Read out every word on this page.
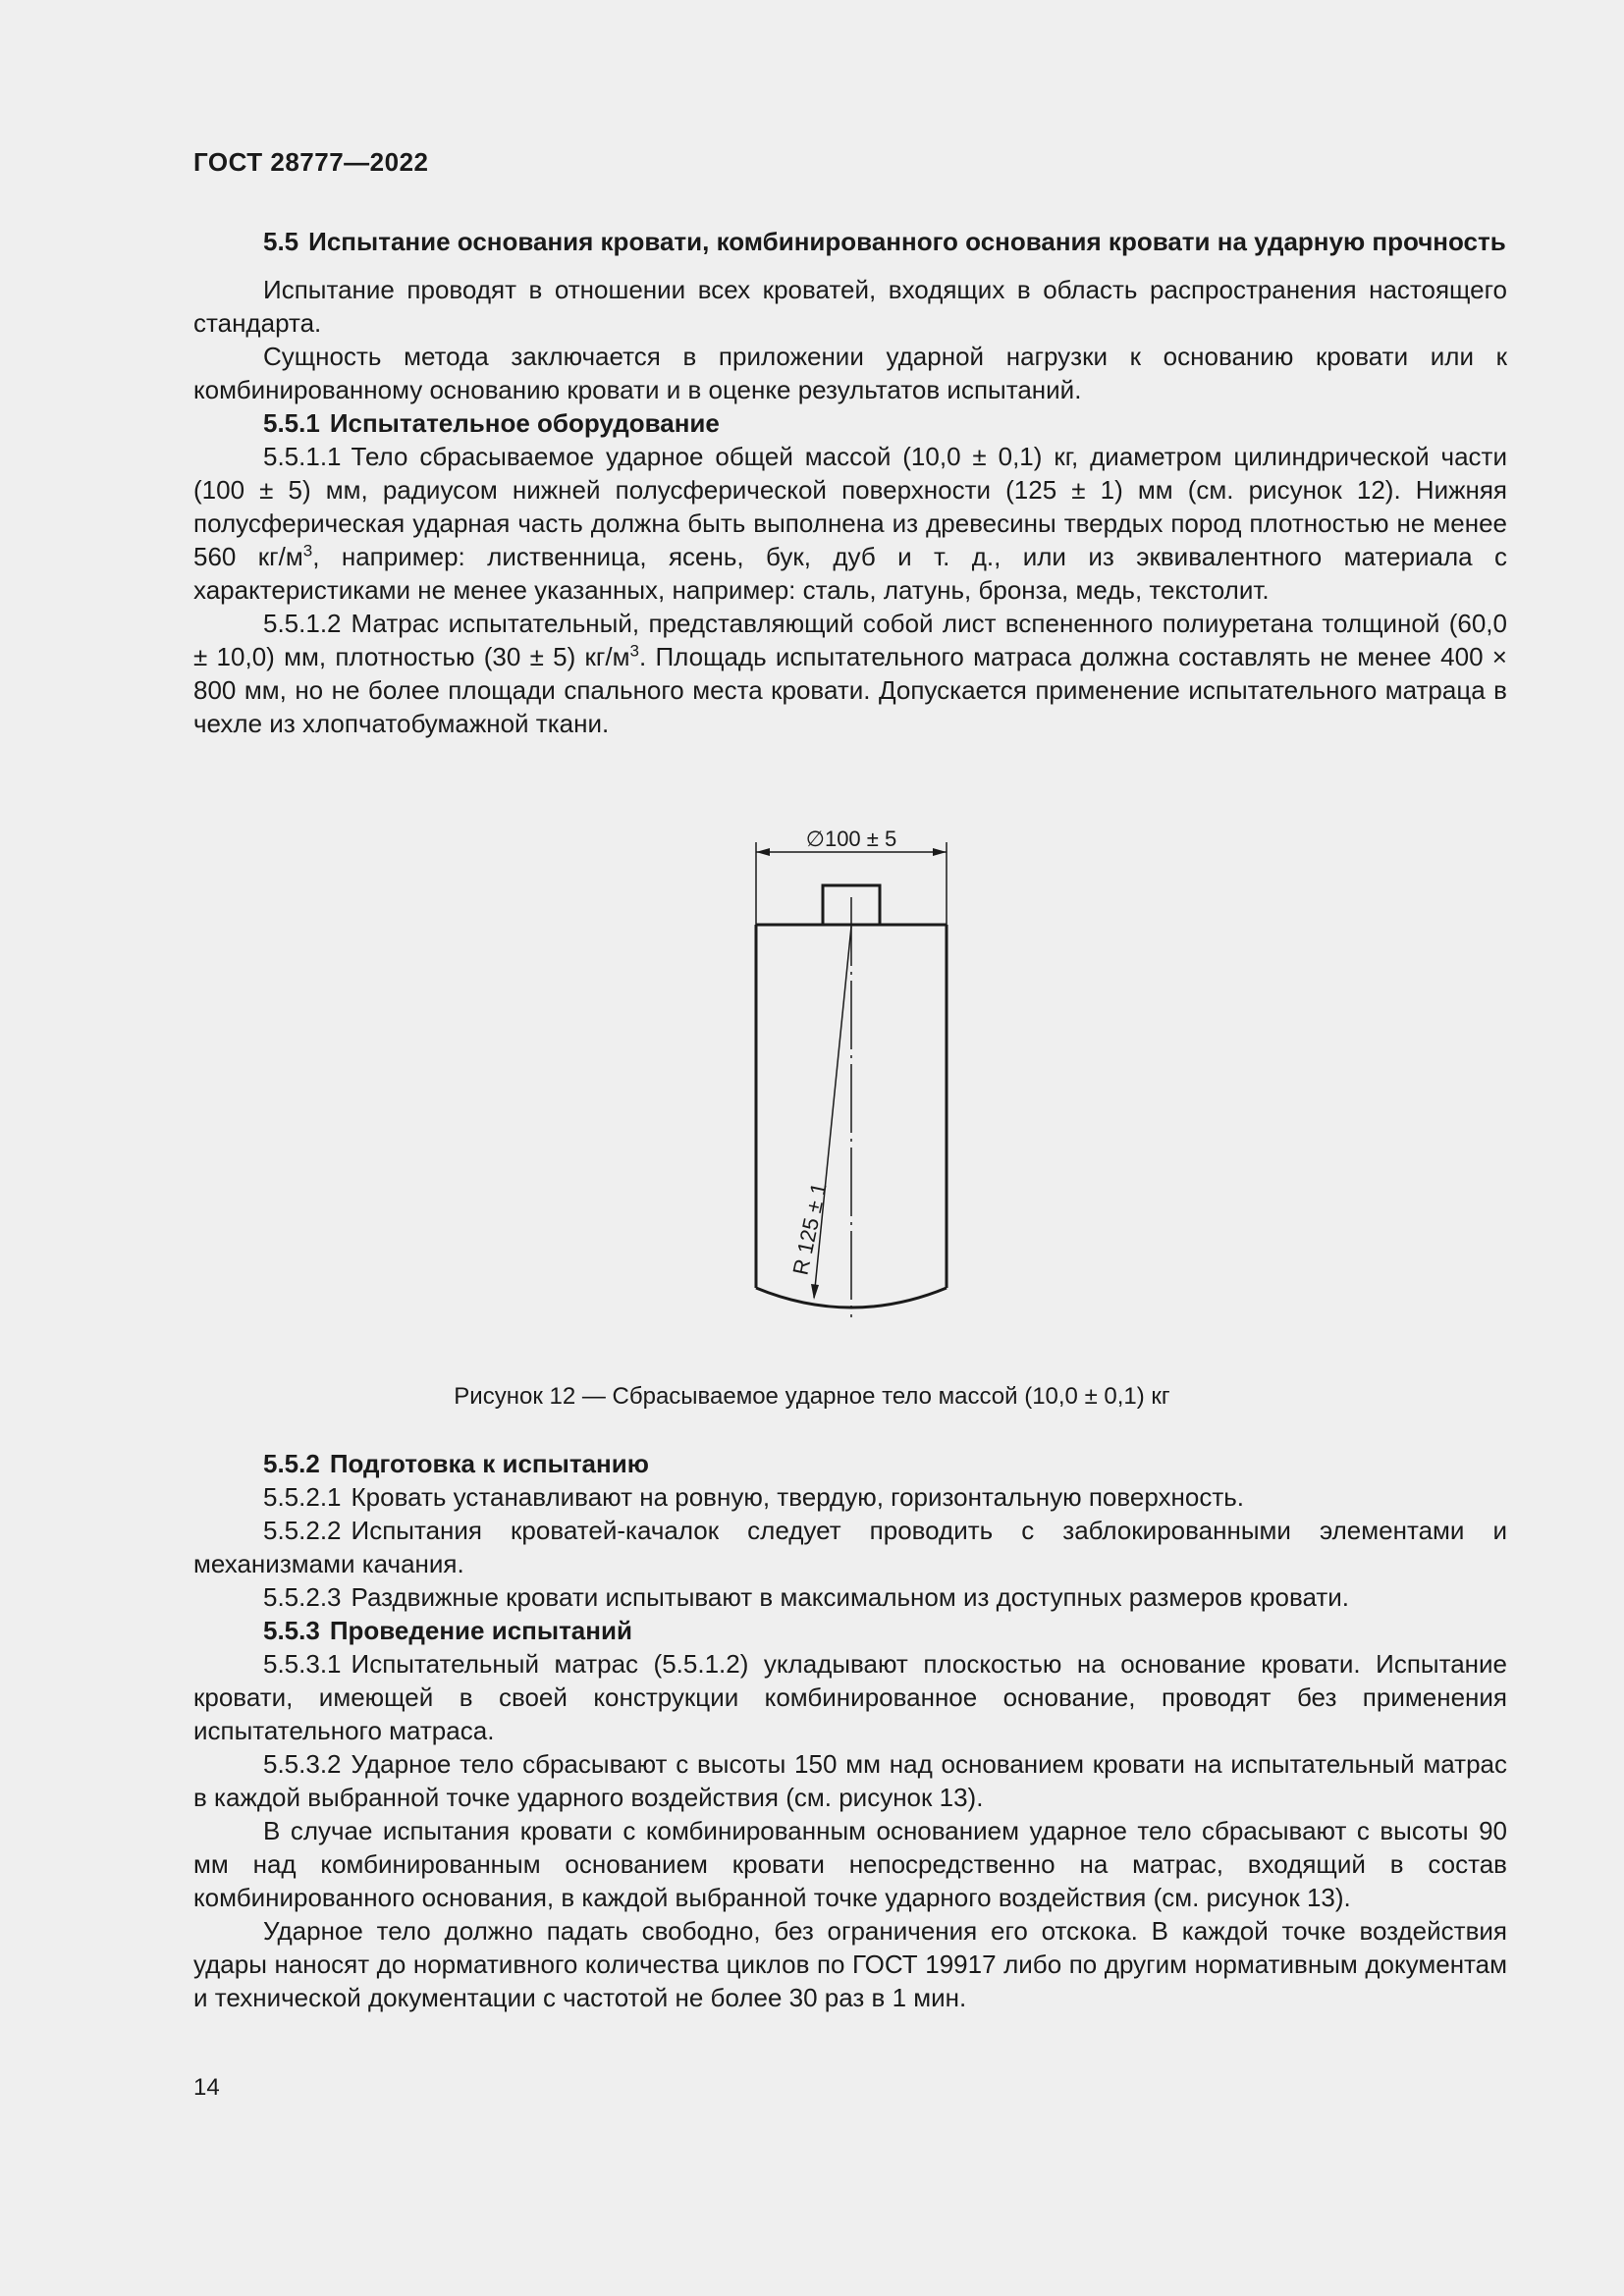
ГОСТ 28777—2022

5.5 Испытание основания кровати, комбинированного основания кровати на ударную прочность

Испытание проводят в отношении всех кроватей, входящих в область распространения настоящего стандарта.

Сущность метода заключается в приложении ударной нагрузки к основанию кровати или к комбинированному основанию кровати и в оценке результатов испытаний.

5.5.1 Испытательное оборудование

5.5.1.1 Тело сбрасываемое ударное общей массой (10,0 ± 0,1) кг, диаметром цилиндрической части (100 ± 5) мм, радиусом нижней полусферической поверхности (125 ± 1) мм (см. рисунок 12). Нижняя полусферическая ударная часть должна быть выполнена из древесины твердых пород плотностью не менее 560 $кг/м^3$, например: лиственница, ясень, бук, дуб и т. д., или из эквивалентного материала с характеристиками не менее указанных, например: сталь, латунь, бронза, медь, текстолит.

5.5.1.2 Матрас испытательный, представляющий собой лист вспененного полиуретана толщиной (60,0 ± 10,0) мм, плотностью (30 ± 5) $кг/м^3$. Площадь испытательного матраса должна составлять не менее 400 × 800 мм, но не более площади спального места кровати. Допускается применение испытательного матраца в чехле из хлопчатобумажной ткани.

∅100 ± 5
R 125 ± 1
Рисунок 12 — Сбрасываемое ударное тело массой (10,0 ± 0,1) кг

5.5.2 Подготовка к испытанию

5.5.2.1 Кровать устанавливают на ровную, твердую, горизонтальную поверхность.

5.5.2.2 Испытания кроватей-качалок следует проводить с заблокированными элементами и механизмами качания.

5.5.2.3 Раздвижные кровати испытывают в максимальном из доступных размеров кровати.

5.5.3 Проведение испытаний

5.5.3.1 Испытательный матрас (5.5.1.2) укладывают плоскостью на основание кровати. Испытание кровати, имеющей в своей конструкции комбинированное основание, проводят без применения испытательного матраса.

5.5.3.2 Ударное тело сбрасывают с высоты 150 мм над основанием кровати на испытательный матрас в каждой выбранной точке ударного воздействия (см. рисунок 13).

В случае испытания кровати с комбинированным основанием ударное тело сбрасывают с высоты 90 мм над комбинированным основанием кровати непосредственно на матрас, входящий в состав комбинированного основания, в каждой выбранной точке ударного воздействия (см. рисунок 13).

Ударное тело должно падать свободно, без ограничения его отскока. В каждой точке воздействия удары наносят до нормативного количества циклов по ГОСТ 19917 либо по другим нормативным документам и технической документации с частотой не более 30 раз в 1 мин.

14
